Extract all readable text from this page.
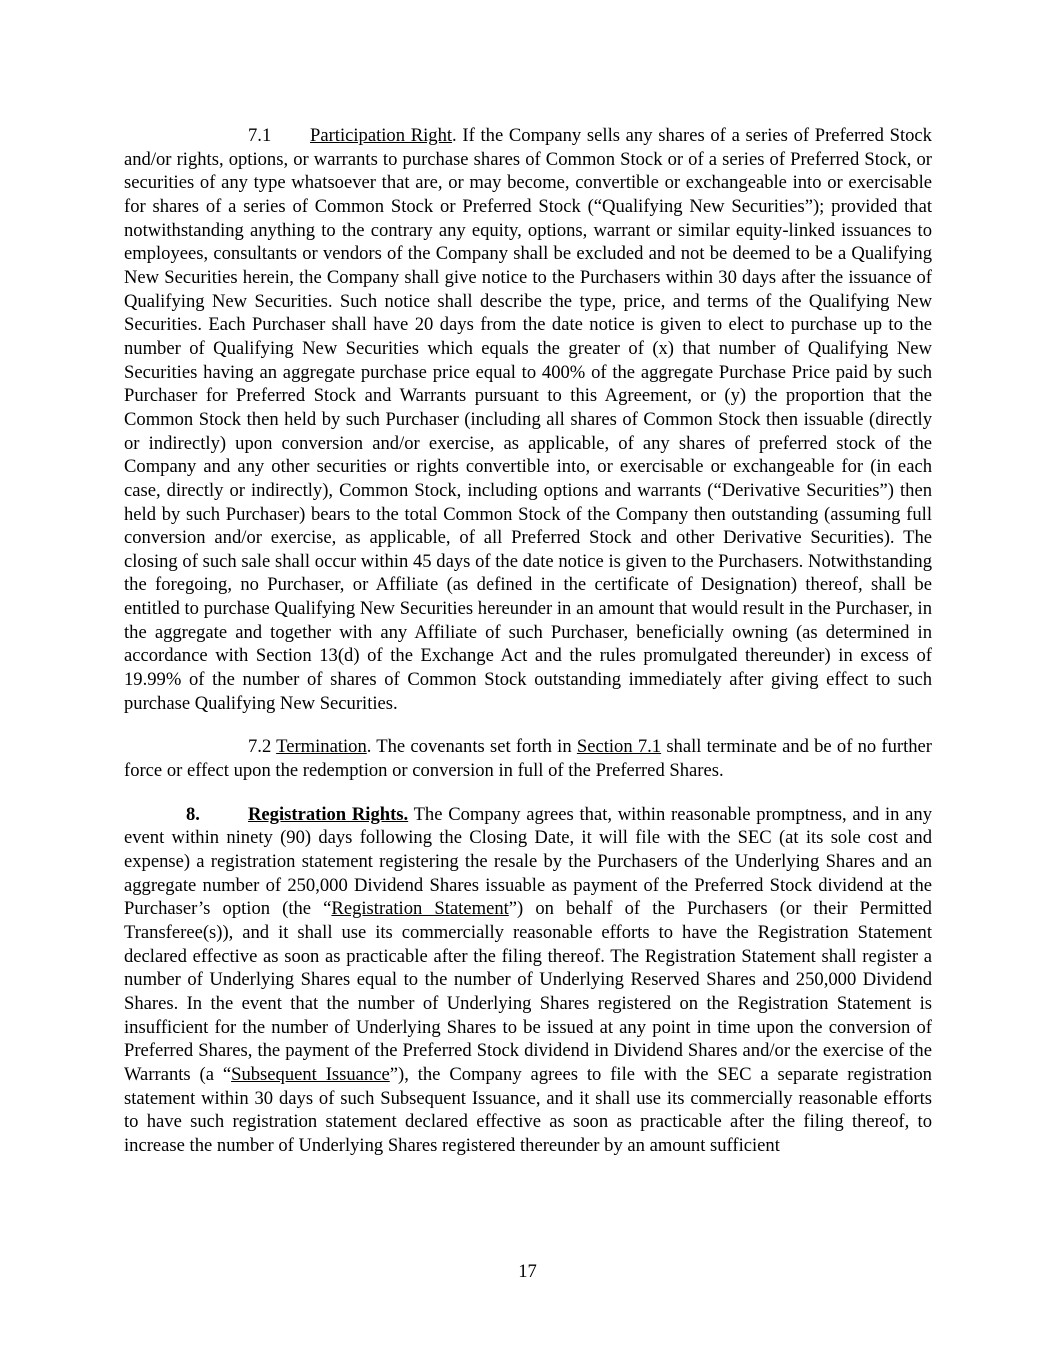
7.1 Participation Right. If the Company sells any shares of a series of Preferred Stock and/or rights, options, or warrants to purchase shares of Common Stock or of a series of Preferred Stock, or securities of any type whatsoever that are, or may become, convertible or exchangeable into or exercisable for shares of a series of Common Stock or Preferred Stock (“Qualifying New Securities”); provided that notwithstanding anything to the contrary any equity, options, warrant or similar equity-linked issuances to employees, consultants or vendors of the Company shall be excluded and not be deemed to be a Qualifying New Securities herein, the Company shall give notice to the Purchasers within 30 days after the issuance of Qualifying New Securities. Such notice shall describe the type, price, and terms of the Qualifying New Securities. Each Purchaser shall have 20 days from the date notice is given to elect to purchase up to the number of Qualifying New Securities which equals the greater of (x) that number of Qualifying New Securities having an aggregate purchase price equal to 400% of the aggregate Purchase Price paid by such Purchaser for Preferred Stock and Warrants pursuant to this Agreement, or (y) the proportion that the Common Stock then held by such Purchaser (including all shares of Common Stock then issuable (directly or indirectly) upon conversion and/or exercise, as applicable, of any shares of preferred stock of the Company and any other securities or rights convertible into, or exercisable or exchangeable for (in each case, directly or indirectly), Common Stock, including options and warrants (“Derivative Securities”) then held by such Purchaser) bears to the total Common Stock of the Company then outstanding (assuming full conversion and/or exercise, as applicable, of all Preferred Stock and other Derivative Securities). The closing of such sale shall occur within 45 days of the date notice is given to the Purchasers. Notwithstanding the foregoing, no Purchaser, or Affiliate (as defined in the certificate of Designation) thereof, shall be entitled to purchase Qualifying New Securities hereunder in an amount that would result in the Purchaser, in the aggregate and together with any Affiliate of such Purchaser, beneficially owning (as determined in accordance with Section 13(d) of the Exchange Act and the rules promulgated thereunder) in excess of 19.99% of the number of shares of Common Stock outstanding immediately after giving effect to such purchase Qualifying New Securities.

7.2 Termination. The covenants set forth in Section 7.1 shall terminate and be of no further force or effect upon the redemption or conversion in full of the Preferred Shares.

8.	Registration Rights. The Company agrees that, within reasonable promptness, and in any event within ninety (90) days following the Closing Date, it will file with the SEC (at its sole cost and expense) a registration statement registering the resale by the Purchasers of the Underlying Shares and an aggregate number of 250,000 Dividend Shares issuable as payment of the Preferred Stock dividend at the Purchaser’s option (the “Registration Statement”) on behalf of the Purchasers (or their Permitted Transferee(s)), and it shall use its commercially reasonable efforts to have the Registration Statement declared effective as soon as practicable after the filing thereof. The Registration Statement shall register a number of Underlying Shares equal to the number of Underlying Reserved Shares and 250,000 Dividend Shares. In the event that the number of Underlying Shares registered on the Registration Statement is insufficient for the number of Underlying Shares to be issued at any point in time upon the conversion of Preferred Shares, the payment of the Preferred Stock dividend in Dividend Shares and/or the exercise of the Warrants (a “Subsequent Issuance”), the Company agrees to file with the SEC a separate registration statement within 30 days of such Subsequent Issuance, and it shall use its commercially reasonable efforts to have such registration statement declared effective as soon as practicable after the filing thereof, to increase the number of Underlying Shares registered thereunder by an amount sufficient

17
